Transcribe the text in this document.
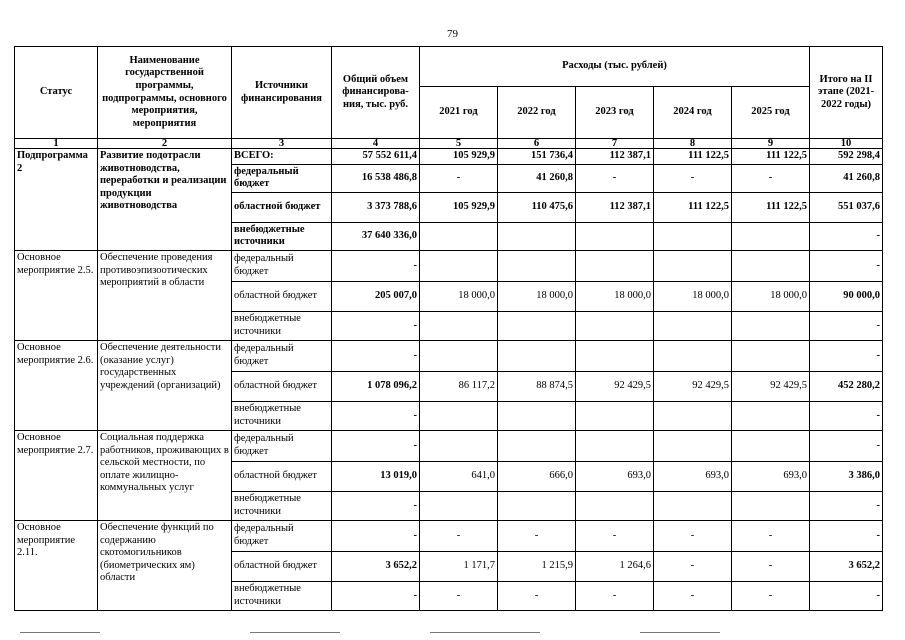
79
Статус	Наименование государственной программы, подпрограммы, основного мероприятия, мероприятия	Источники финансирования	Общий объем финансирова-ния, тыс. руб.	Расходы (тыс. рублей)					Итого на II этапе (2021-2022 годы)
				2021 год	2022 год	2023 год	2024 год	2025 год	
1	2	3	4	5	6	7	8	9	10
Подпрограмма 2	Развитие подотрасли животноводства, переработки и реализации продукции животноводства	ВСЕГО:	57 552 611,4	105 929,9	151 736,4	112 387,1	111 122,5	111 122,5	592 298,4
		федеральный бюджет	16 538 486,8	-	41 260,8	-	-	-	41 260,8
		областной бюджет	3 373 788,6	105 929,9	110 475,6	112 387,1	111 122,5	111 122,5	551 037,6
		внебюджетные источники	37 640 336,0						-
Основное мероприятие 2.5.	Обеспечение проведения противоэпизоотических мероприятий в области	федеральный бюджет	-						-
		областной бюджет	205 007,0	18 000,0	18 000,0	18 000,0	18 000,0	18 000,0	90 000,0
		внебюджетные источники	-						-
Основное мероприятие 2.6.	Обеспечение деятельности (оказание услуг) государственных учреждений (организаций)	федеральный бюджет	-						-
		областной бюджет	1 078 096,2	86 117,2	88 874,5	92 429,5	92 429,5	92 429,5	452 280,2
		внебюджетные источники	-						-
Основное мероприятие 2.7.	Социальная поддержка работников, проживающих в сельской местности, по оплате жилищно-коммунальных услуг	федеральный бюджет	-						-
		областной бюджет	13 019,0	641,0	666,0	693,0	693,0	693,0	3 386,0
		внебюджетные источники	-						-
Основное мероприятие 2.11.	Обеспечение функций по содержанию скотомогильников (биометрических ям) области	федеральный бюджет	-	-	-	-	-	-	-
		областной бюджет	3 652,2	1 171,7	1 215,9	1 264,6	-	-	3 652,2
		внебюджетные источники	-	-	-	-	-	-	-
